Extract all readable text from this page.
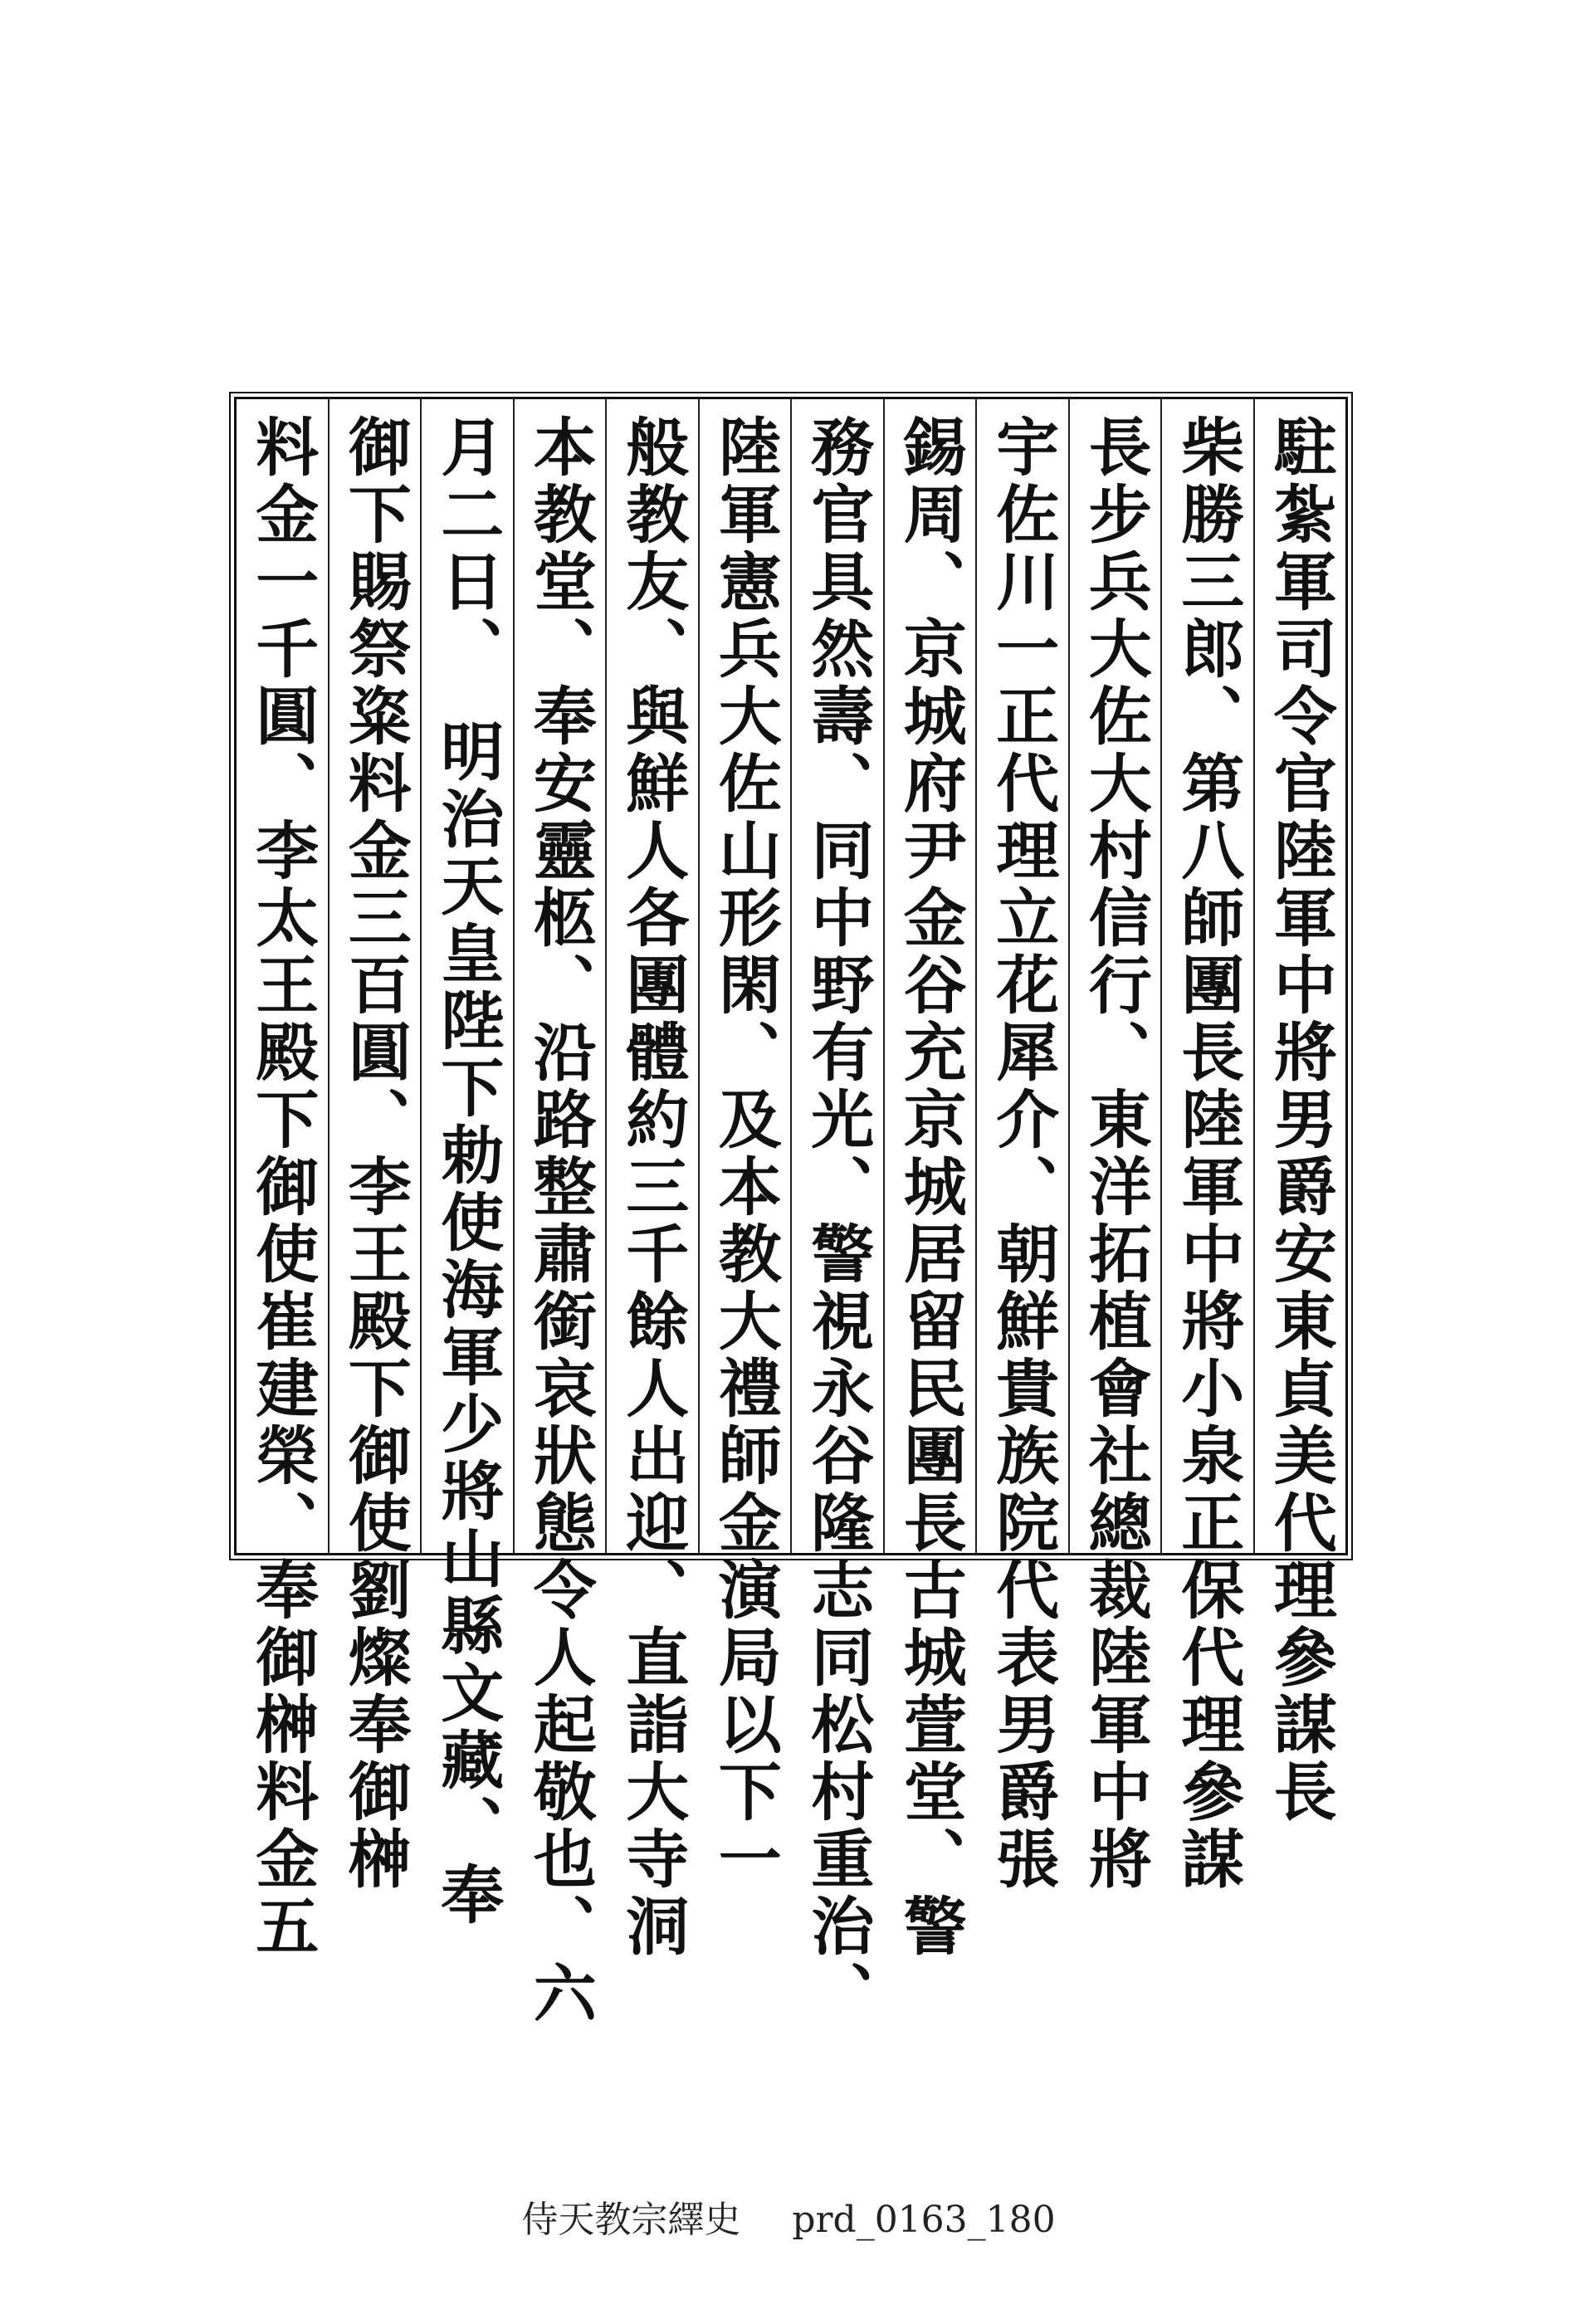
駐紮軍司令官陸軍中將男爵安東貞美代理參謀長
柴勝三郎、第八師團長陸軍中將小泉正保代理參謀
長步兵大佐大村信行、東洋拓植會社總裁陸軍中將
宇佐川一正代理立花犀介、朝鮮貴族院代表男爵張
錫周、京城府尹金谷充京城居留民團長古城萱堂、警
務官具然壽、同中野有光、警視永谷隆志同松村重治、
陸軍憲兵大佐山形閑、及本教大禮師金演局以下一
般教友、與鮮人各團體約三千餘人出迎、直詣大寺洞
本教堂、奉安靈柩、沿路整肅銜哀狀態令人起敬也、六
月二日、　明治天皇陛下勅使海軍少將山縣文藏、奉
御下賜祭粢料金三百圓、李王殿下御使劉燦奉御榊
料金一千圓、李太王殿下御使崔建榮、奉御榊料金五
侍天教宗繹史 prd_0163_180
